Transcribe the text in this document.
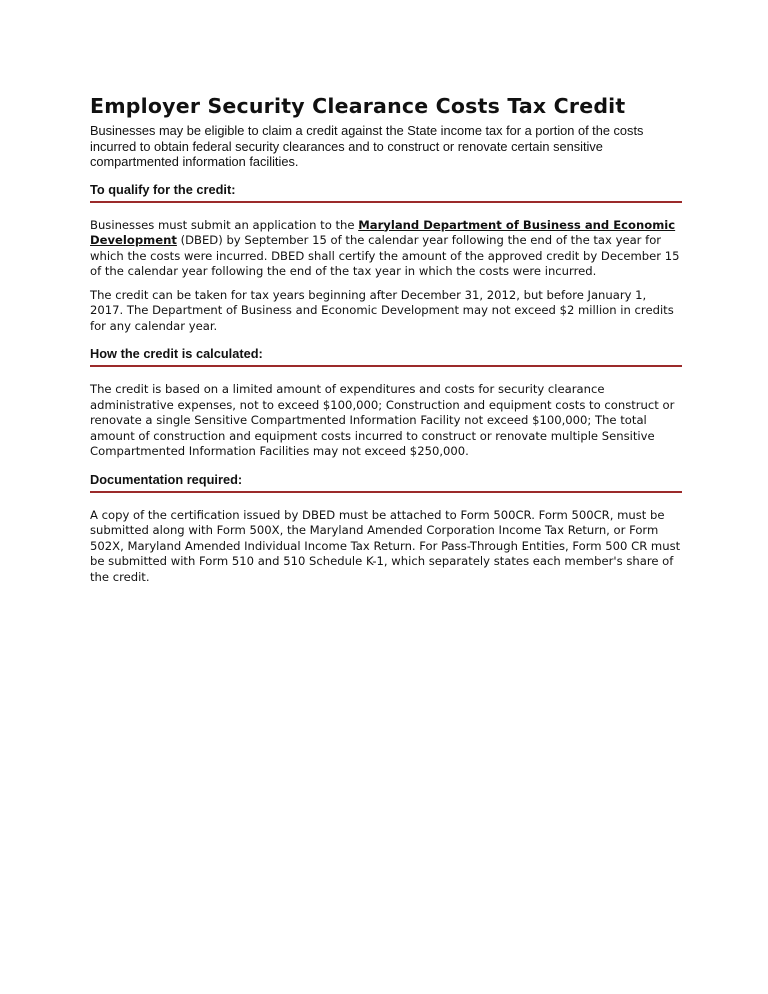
Employer Security Clearance Costs Tax Credit

Businesses may be eligible to claim a credit against the State income tax for a portion of the costs incurred to obtain federal security clearances and to construct or renovate certain sensitive compartmented information facilities.

To qualify for the credit:

Businesses must submit an application to the Maryland Department of Business and Economic Development (DBED) by September 15 of the calendar year following the end of the tax year for which the costs were incurred. DBED shall certify the amount of the approved credit by December 15 of the calendar year following the end of the tax year in which the costs were incurred.

The credit can be taken for tax years beginning after December 31, 2012, but before January 1, 2017. The Department of Business and Economic Development may not exceed $2 million in credits for any calendar year.

How the credit is calculated:

The credit is based on a limited amount of expenditures and costs for security clearance administrative expenses, not to exceed $100,000; Construction and equipment costs to construct or renovate a single Sensitive Compartmented Information Facility not exceed $100,000; The total amount of construction and equipment costs incurred to construct or renovate multiple Sensitive Compartmented Information Facilities may not exceed $250,000.

Documentation required:

A copy of the certification issued by DBED must be attached to Form 500CR. Form 500CR, must be submitted along with Form 500X, the Maryland Amended Corporation Income Tax Return, or Form 502X, Maryland Amended Individual Income Tax Return. For Pass-Through Entities, Form 500 CR must be submitted with Form 510 and 510 Schedule K-1, which separately states each member's share of the credit.
